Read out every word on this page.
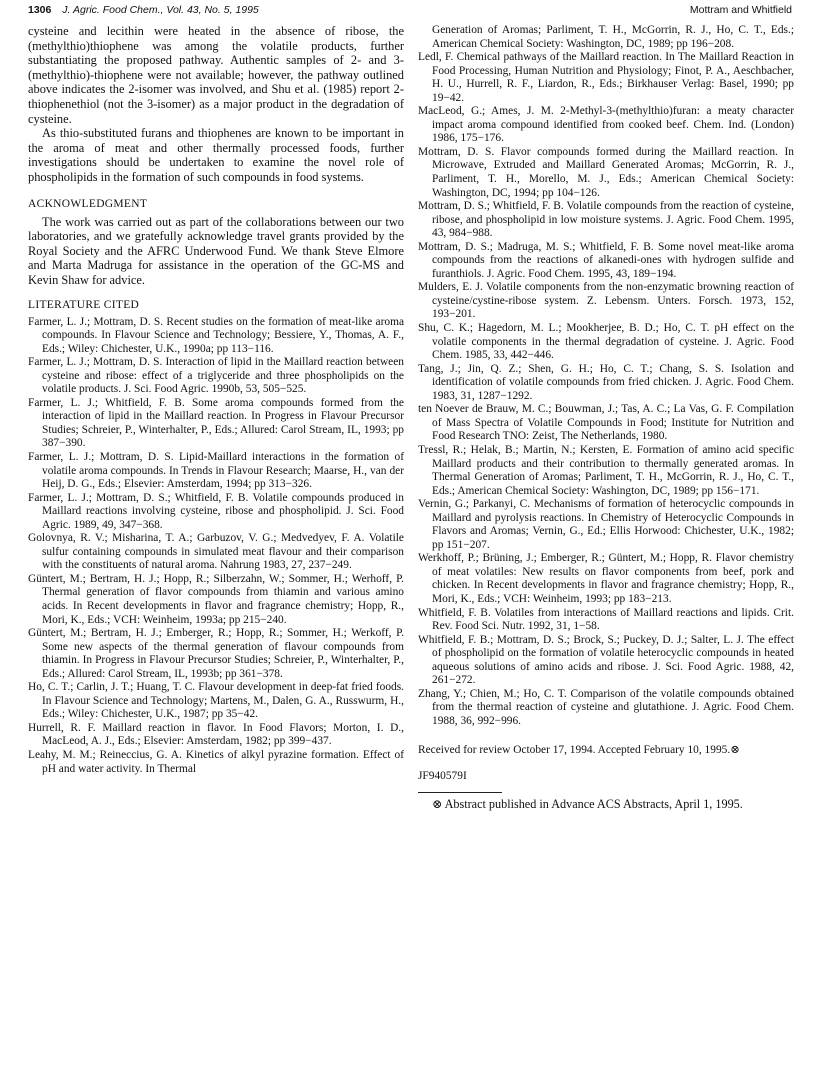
1306 J. Agric. Food Chem., Vol. 43, No. 5, 1995	Mottram and Whitfield

cysteine and lecithin were heated in the absence of ribose, the (methylthio)thiophene was among the volatile products, further substantiating the proposed pathway. Authentic samples of 2- and 3-(methylthio)-thiophene were not available; however, the pathway outlined above indicates the 2-isomer was involved, and Shu et al. (1985) report 2-thiophenethiol (not the 3-isomer) as a major product in the degradation of cysteine.

As thio-substituted furans and thiophenes are known to be important in the aroma of meat and other thermally processed foods, further investigations should be undertaken to examine the novel role of phospholipids in the formation of such compounds in food systems.

ACKNOWLEDGMENT

The work was carried out as part of the collaborations between our two laboratories, and we gratefully acknowledge travel grants provided by the Royal Society and the AFRC Underwood Fund. We thank Steve Elmore and Marta Madruga for assistance in the operation of the GC-MS and Kevin Shaw for advice.

LITERATURE CITED
Farmer, L. J.; Mottram, D. S. Recent studies on the formation of meat-like aroma compounds. In Flavour Science and Technology; Bessiere, Y., Thomas, A. F., Eds.; Wiley: Chichester, U.K., 1990a; pp 113−116.
Farmer, L. J.; Mottram, D. S. Interaction of lipid in the Maillard reaction between cysteine and ribose: effect of a triglyceride and three phospholipids on the volatile products. J. Sci. Food Agric. 1990b, 53, 505−525.
Farmer, L. J.; Whitfield, F. B. Some aroma compounds formed from the interaction of lipid in the Maillard reaction. In Progress in Flavour Precursor Studies; Schreier, P., Winterhalter, P., Eds.; Allured: Carol Stream, IL, 1993; pp 387−390.
Farmer, L. J.; Mottram, D. S. Lipid-Maillard interactions in the formation of volatile aroma compounds. In Trends in Flavour Research; Maarse, H., van der Heij, D. G., Eds.; Elsevier: Amsterdam, 1994; pp 313−326.
Farmer, L. J.; Mottram, D. S.; Whitfield, F. B. Volatile compounds produced in Maillard reactions involving cysteine, ribose and phospholipid. J. Sci. Food Agric. 1989, 49, 347−368.
Golovnya, R. V.; Misharina, T. A.; Garbuzov, V. G.; Medvedyev, F. A. Volatile sulfur containing compounds in simulated meat flavour and their comparison with the constituents of natural aroma. Nahrung 1983, 27, 237−249.
Güntert, M.; Bertram, H. J.; Hopp, R.; Silberzahn, W.; Sommer, H.; Werhoff, P. Thermal generation of flavor compounds from thiamin and various amino acids. In Recent developments in flavor and fragrance chemistry; Hopp, R., Mori, K., Eds.; VCH: Weinheim, 1993a; pp 215−240.
Güntert, M.; Bertram, H. J.; Emberger, R.; Hopp, R.; Sommer, H.; Werkoff, P. Some new aspects of the thermal generation of flavour compounds from thiamin. In Progress in Flavour Precursor Studies; Schreier, P., Winterhalter, P., Eds.; Allured: Carol Stream, IL, 1993b; pp 361−378.
Ho, C. T.; Carlin, J. T.; Huang, T. C. Flavour development in deep-fat fried foods. In Flavour Science and Technology; Martens, M., Dalen, G. A., Russwurm, H., Eds.; Wiley: Chichester, U.K., 1987; pp 35−42.
Hurrell, R. F. Maillard reaction in flavor. In Food Flavors; Morton, I. D., MacLeod, A. J., Eds.; Elsevier: Amsterdam, 1982; pp 399−437.
Leahy, M. M.; Reineccius, G. A. Kinetics of alkyl pyrazine formation. Effect of pH and water activity. In Thermal
Generation of Aromas; Parliment, T. H., McGorrin, R. J., Ho, C. T., Eds.; American Chemical Society: Washington, DC, 1989; pp 196−208.
Ledl, F. Chemical pathways of the Maillard reaction. In The Maillard Reaction in Food Processing, Human Nutrition and Physiology; Finot, P. A., Aeschbacher, H. U., Hurrell, R. F., Liardon, R., Eds.; Birkhauser Verlag: Basel, 1990; pp 19−42.
MacLeod, G.; Ames, J. M. 2-Methyl-3-(methylthio)furan: a meaty character impact aroma compound identified from cooked beef. Chem. Ind. (London) 1986, 175−176.
Mottram, D. S. Flavor compounds formed during the Maillard reaction. In Microwave, Extruded and Maillard Generated Aromas; McGorrin, R. J., Parliment, T. H., Morello, M. J., Eds.; American Chemical Society: Washington, DC, 1994; pp 104−126.
Mottram, D. S.; Whitfield, F. B. Volatile compounds from the reaction of cysteine, ribose, and phospholipid in low moisture systems. J. Agric. Food Chem. 1995, 43, 984−988.
Mottram, D. S.; Madruga, M. S.; Whitfield, F. B. Some novel meat-like aroma compounds from the reactions of alkanedi-ones with hydrogen sulfide and furanthiols. J. Agric. Food Chem. 1995, 43, 189−194.
Mulders, E. J. Volatile components from the non-enzymatic browning reaction of cysteine/cystine-ribose system. Z. Lebensm. Unters. Forsch. 1973, 152, 193−201.
Shu, C. K.; Hagedorn, M. L.; Mookherjee, B. D.; Ho, C. T. pH effect on the volatile components in the thermal degradation of cysteine. J. Agric. Food Chem. 1985, 33, 442−446.
Tang, J.; Jin, Q. Z.; Shen, G. H.; Ho, C. T.; Chang, S. S. Isolation and identification of volatile compounds from fried chicken. J. Agric. Food Chem. 1983, 31, 1287−1292.
ten Noever de Brauw, M. C.; Bouwman, J.; Tas, A. C.; La Vas, G. F. Compilation of Mass Spectra of Volatile Compounds in Food; Institute for Nutrition and Food Research TNO: Zeist, The Netherlands, 1980.
Tressl, R.; Helak, B.; Martin, N.; Kersten, E. Formation of amino acid specific Maillard products and their contribution to thermally generated aromas. In Thermal Generation of Aromas; Parliment, T. H., McGorrin, R. J., Ho, C. T., Eds.; American Chemical Society: Washington, DC, 1989; pp 156−171.
Vernin, G.; Parkanyi, C. Mechanisms of formation of heterocyclic compounds in Maillard and pyrolysis reactions. In Chemistry of Heterocyclic Compounds in Flavors and Aromas; Vernin, G., Ed.; Ellis Horwood: Chichester, U.K., 1982; pp 151−207.
Werkhoff, P.; Brüning, J.; Emberger, R.; Güntert, M.; Hopp, R. Flavor chemistry of meat volatiles: New results on flavor components from beef, pork and chicken. In Recent developments in flavor and fragrance chemistry; Hopp, R., Mori, K., Eds.; VCH: Weinheim, 1993; pp 183−213.
Whitfield, F. B. Volatiles from interactions of Maillard reactions and lipids. Crit. Rev. Food Sci. Nutr. 1992, 31, 1−58.
Whitfield, F. B.; Mottram, D. S.; Brock, S.; Puckey, D. J.; Salter, L. J. The effect of phospholipid on the formation of volatile heterocyclic compounds in heated aqueous solutions of amino acids and ribose. J. Sci. Food Agric. 1988, 42, 261−272.
Zhang, Y.; Chien, M.; Ho, C. T. Comparison of the volatile compounds obtained from the thermal reaction of cysteine and glutathione. J. Agric. Food Chem. 1988, 36, 992−996.

Received for review October 17, 1994. Accepted February 10, 1995.⊗

JF940579I

⊗ Abstract published in Advance ACS Abstracts, April 1, 1995.
